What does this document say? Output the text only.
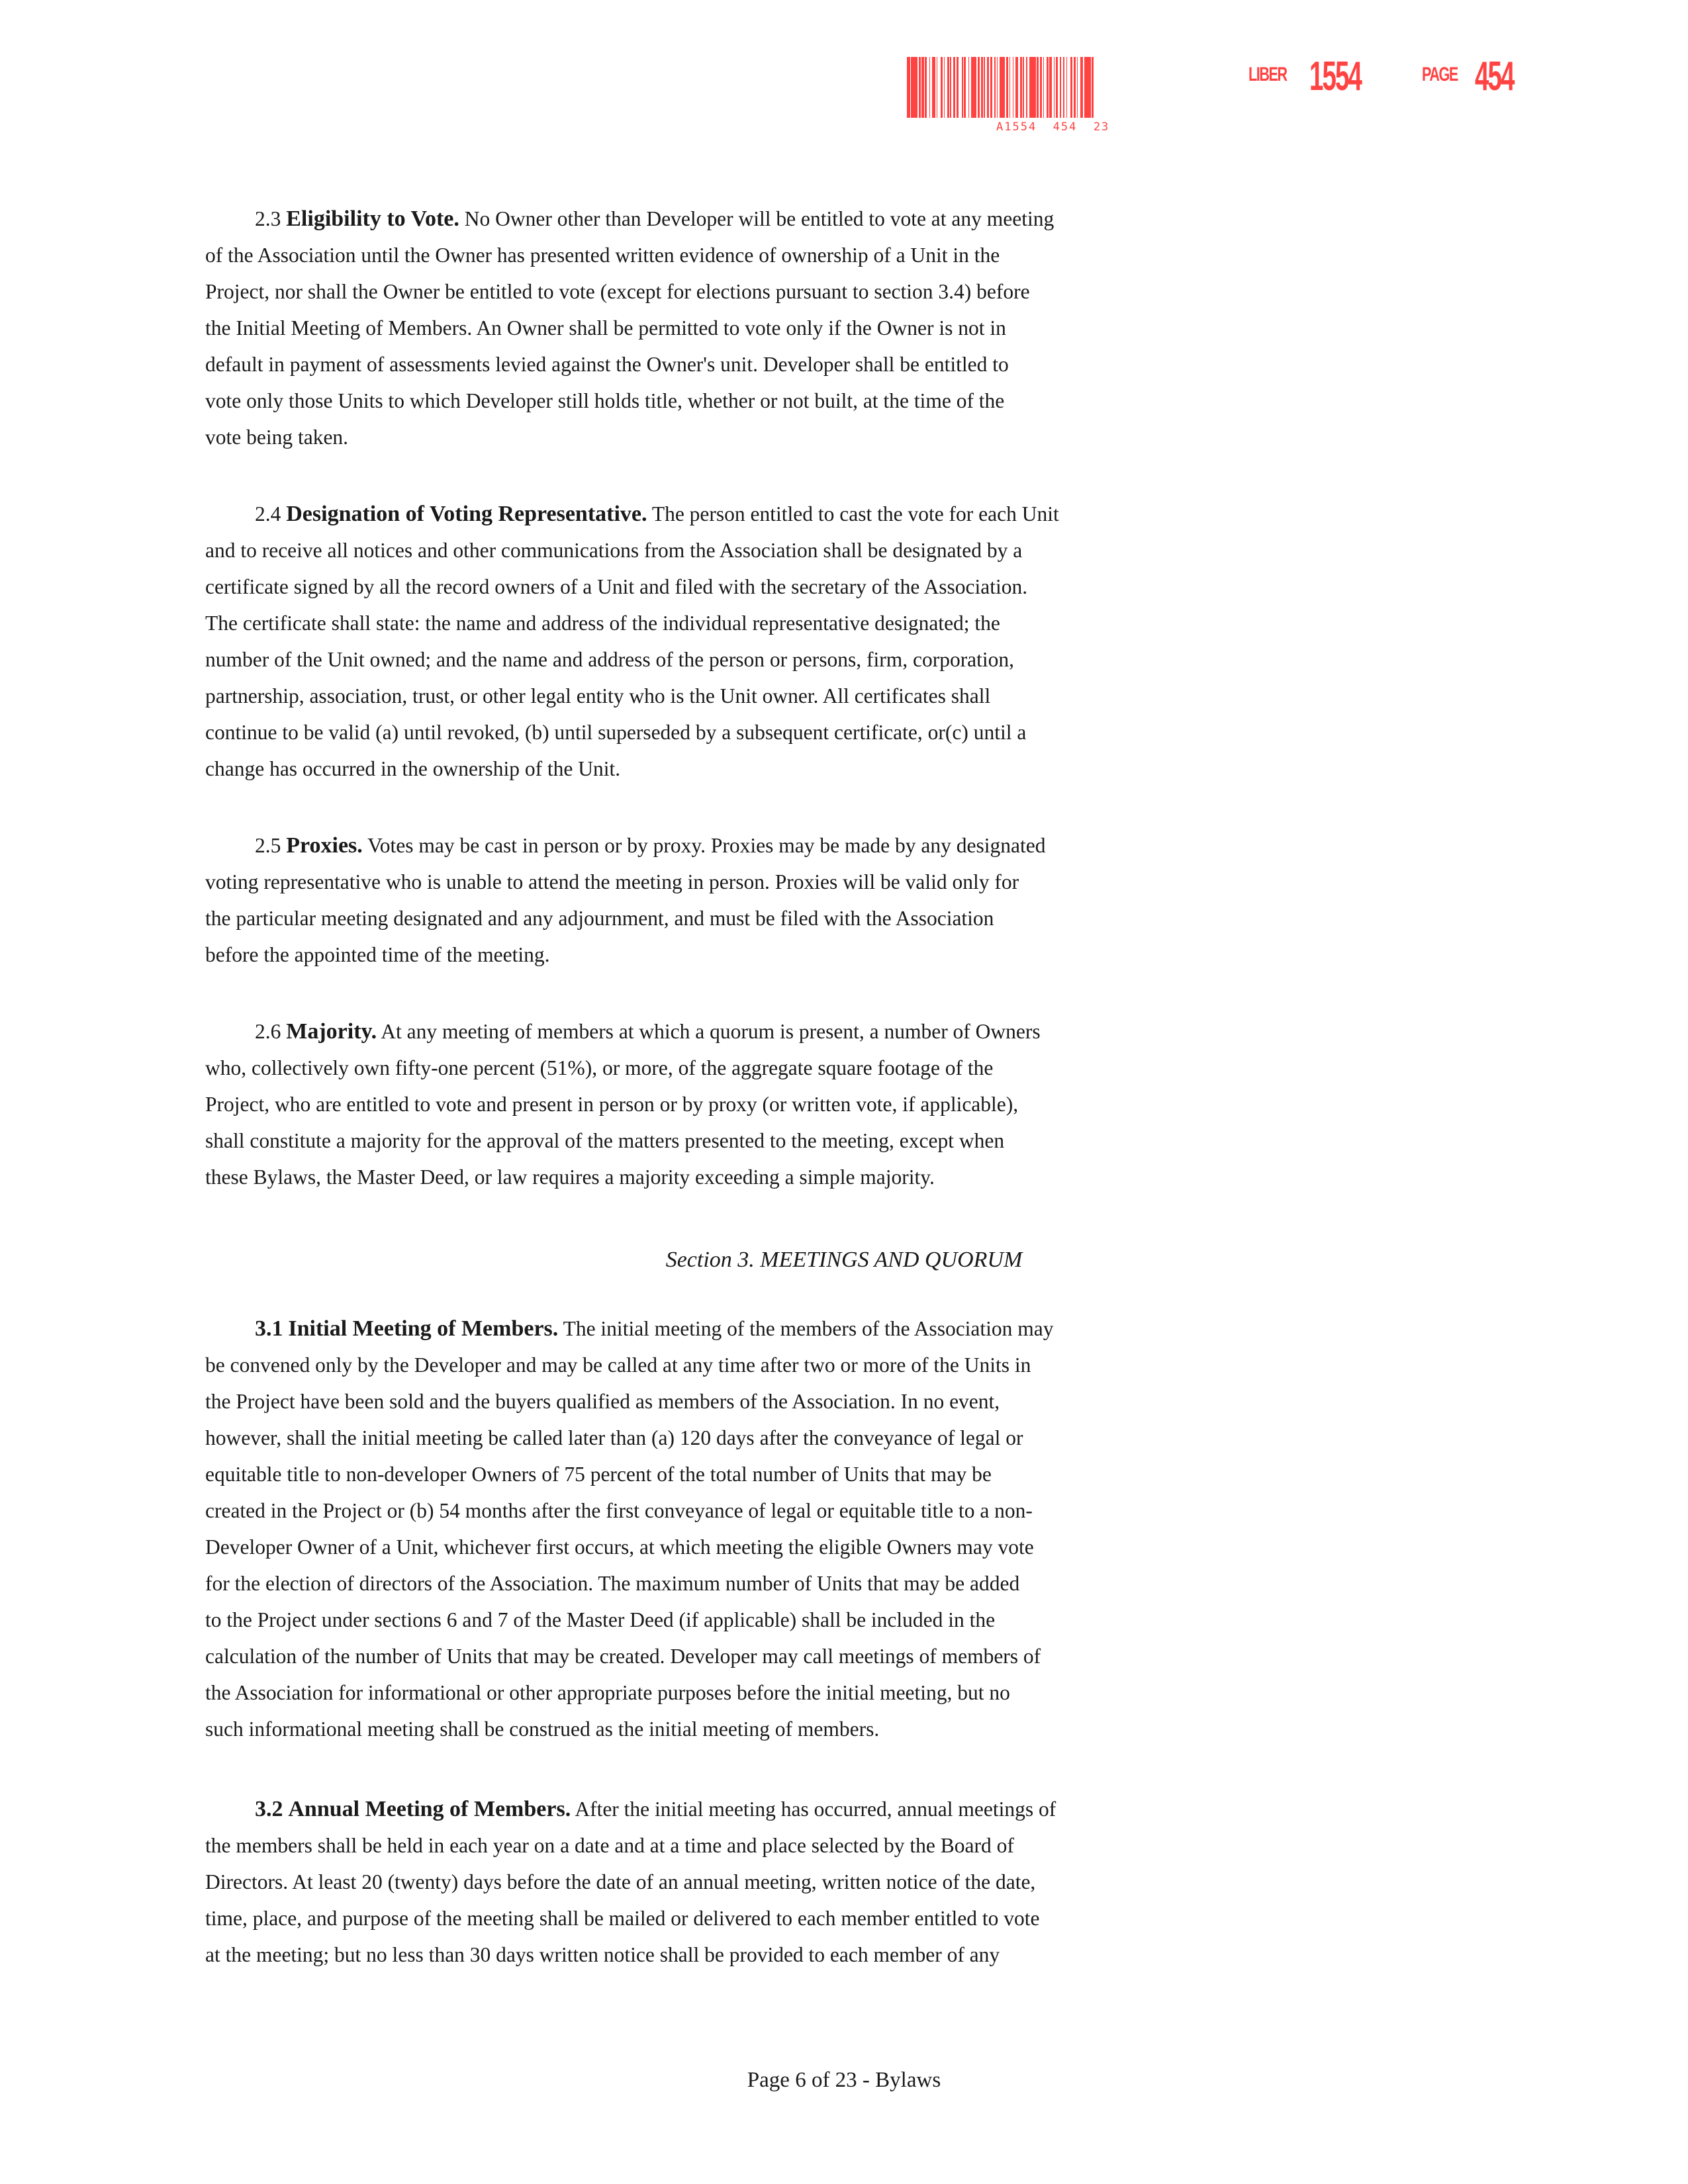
A1554  454  23
LIBER 1554	PAGE 454
2.3 Eligibility to Vote. No Owner other than Developer will be entitled to vote at any meeting
of the Association until the Owner has presented written evidence of ownership of a Unit in the
Project, nor shall the Owner be entitled to vote (except for elections pursuant to section 3.4) before
the Initial Meeting of Members. An Owner shall be permitted to vote only if the Owner is not in
default in payment of assessments levied against the Owner's unit. Developer shall be entitled to
vote only those Units to which Developer still holds title, whether or not built, at the time of the
vote being taken.
2.4 Designation of Voting Representative. The person entitled to cast the vote for each Unit
and to receive all notices and other communications from the Association shall be designated by a
certificate signed by all the record owners of a Unit and filed with the secretary of the Association.
The certificate shall state: the name and address of the individual representative designated; the
number of the Unit owned; and the name and address of the person or persons, firm, corporation,
partnership, association, trust, or other legal entity who is the Unit owner. All certificates shall
continue to be valid (a) until revoked, (b) until superseded by a subsequent certificate, or(c) until a
change has occurred in the ownership of the Unit.
2.5 Proxies. Votes may be cast in person or by proxy. Proxies may be made by any designated
voting representative who is unable to attend the meeting in person. Proxies will be valid only for
the particular meeting designated and any adjournment, and must be filed with the Association
before the appointed time of the meeting.
2.6 Majority. At any meeting of members at which a quorum is present, a number of Owners
who, collectively own fifty-one percent (51%), or more, of the aggregate square footage of the
Project, who are entitled to vote and present in person or by proxy (or written vote, if applicable),
shall constitute a majority for the approval of the matters presented to the meeting, except when
these Bylaws, the Master Deed, or law requires a majority exceeding a simple majority.
Section 3. MEETINGS AND QUORUM
3.1 Initial Meeting of Members. The initial meeting of the members of the Association may
be convened only by the Developer and may be called at any time after two or more of the Units in
the Project have been sold and the buyers qualified as members of the Association. In no event,
however, shall the initial meeting be called later than (a) 120 days after the conveyance of legal or
equitable title to non-developer Owners of 75 percent of the total number of Units that may be
created in the Project or (b) 54 months after the first conveyance of legal or equitable title to a non-
Developer Owner of a Unit, whichever first occurs, at which meeting the eligible Owners may vote
for the election of directors of the Association. The maximum number of Units that may be added
to the Project under sections 6 and 7 of the Master Deed (if applicable) shall be included in the
calculation of the number of Units that may be created. Developer may call meetings of members of
the Association for informational or other appropriate purposes before the initial meeting, but no
such informational meeting shall be construed as the initial meeting of members.
3.2 Annual Meeting of Members. After the initial meeting has occurred, annual meetings of
the members shall be held in each year on a date and at a time and place selected by the Board of
Directors. At least 20 (twenty) days before the date of an annual meeting, written notice of the date,
time, place, and purpose of the meeting shall be mailed or delivered to each member entitled to vote
at the meeting; but no less than 30 days written notice shall be provided to each member of any
Page 6 of 23 - Bylaws
